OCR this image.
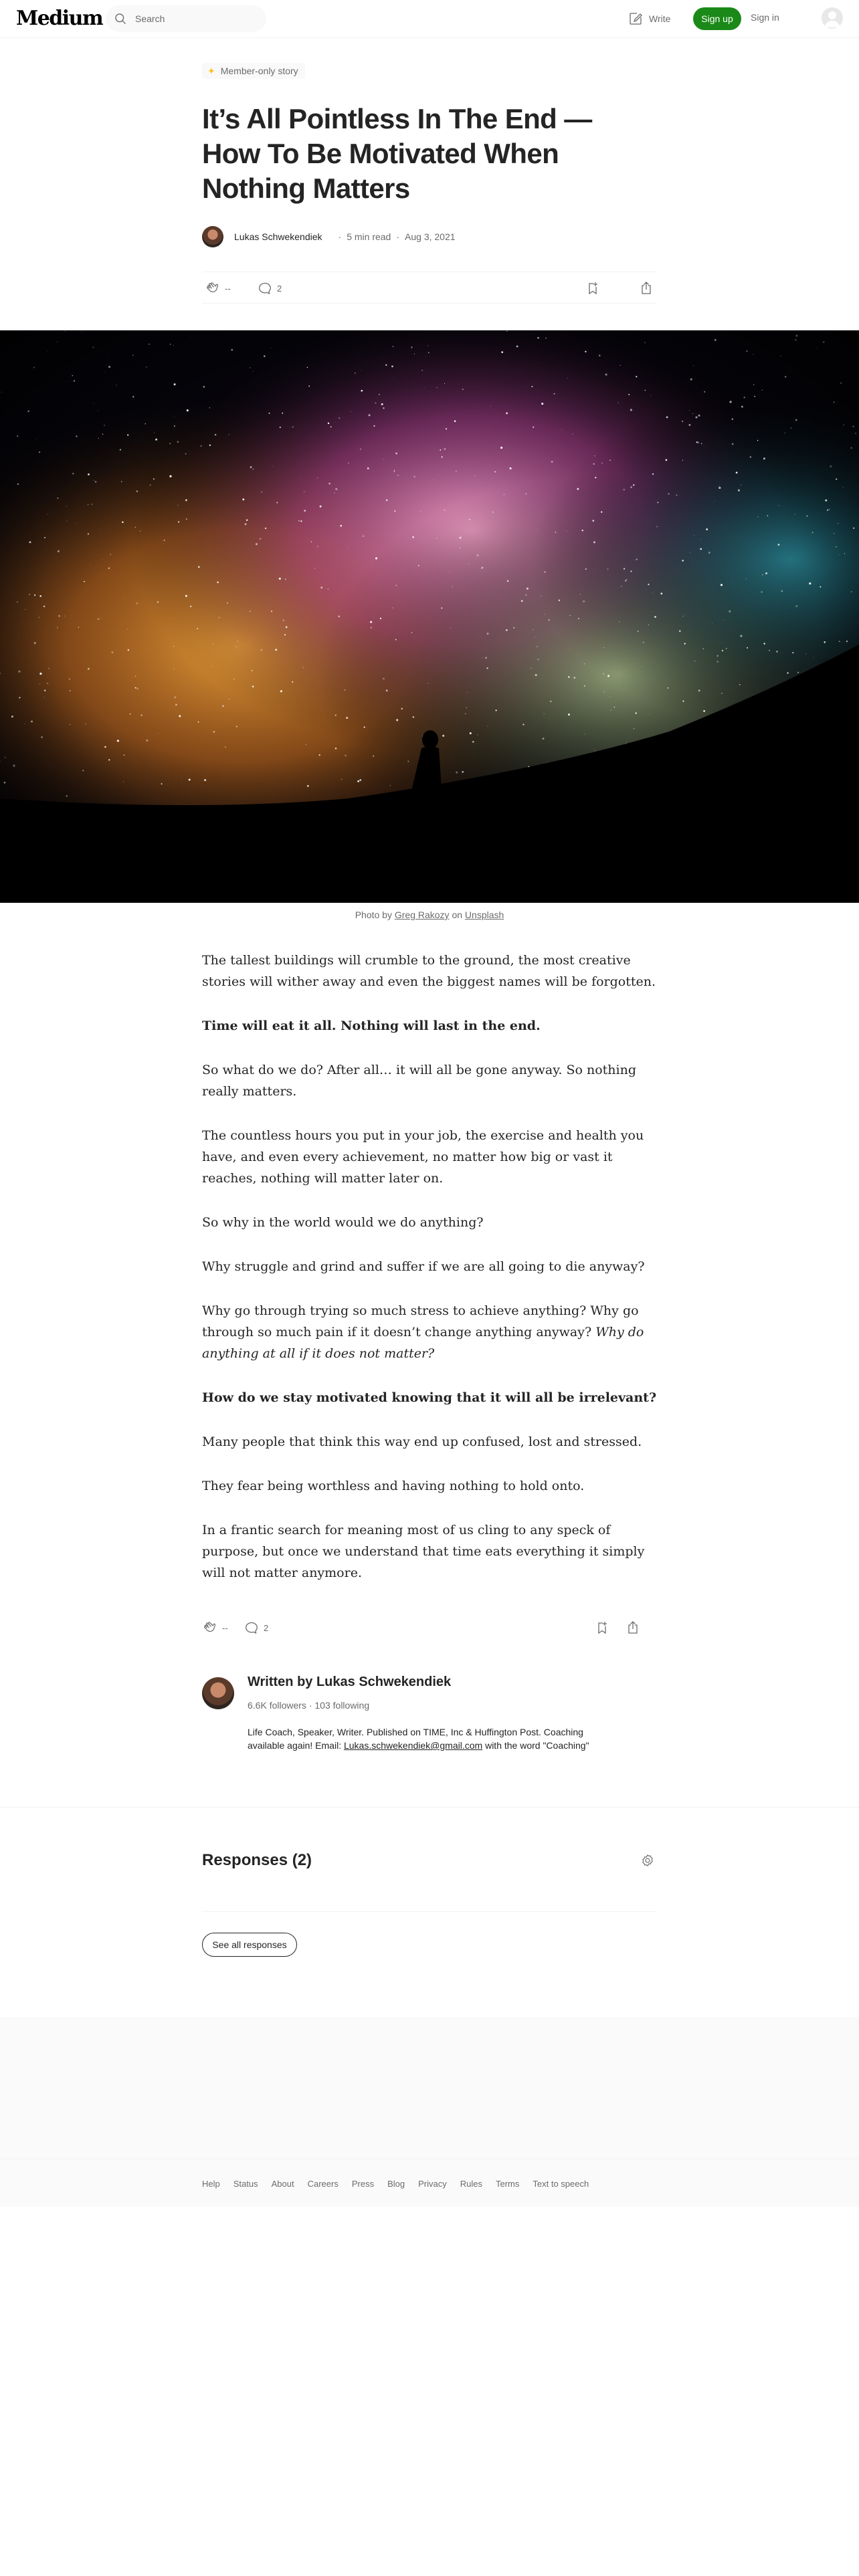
Medium
Search	Write	Sign up	Sign in
✦ Member-only story
It’s All Pointless In The End — How To Be Motivated When Nothing Matters
Lukas Schwekendiek · 5 min read · Aug 3, 2021
--	2
Photo by Greg Rakozy on Unsplash

The tallest buildings will crumble to the ground, the most creative stories will wither away and even the biggest names will be forgotten.

Time will eat it all. Nothing will last in the end.

So what do we do? After all… it will all be gone anyway. So nothing really matters.

The countless hours you put in your job, the exercise and health you have, and even every achievement, no matter how big or vast it reaches, nothing will matter later on.

So why in the world would we do anything?

Why struggle and grind and suffer if we are all going to die anyway?

Why go through trying so much stress to achieve anything? Why go through so much pain if it doesn’t change anything anyway? Why do anything at all if it does not matter?

How do we stay motivated knowing that it will all be irrelevant?

Many people that think this way end up confused, lost and stressed.

They fear being worthless and having nothing to hold onto.

In a frantic search for meaning most of us cling to any speck of purpose, but once we understand that time eats everything it simply will not matter anymore.

--	2
Written by Lukas Schwekendiek
6.6K followers · 103 following
Life Coach, Speaker, Writer. Published on TIME, Inc & Huffington Post. Coaching available again! Email: Lukas.schwekendiek@gmail.com with the word "Coaching"
Responses (2)
See all responses
Help Status About Careers Press Blog Privacy Rules Terms Text to speech
